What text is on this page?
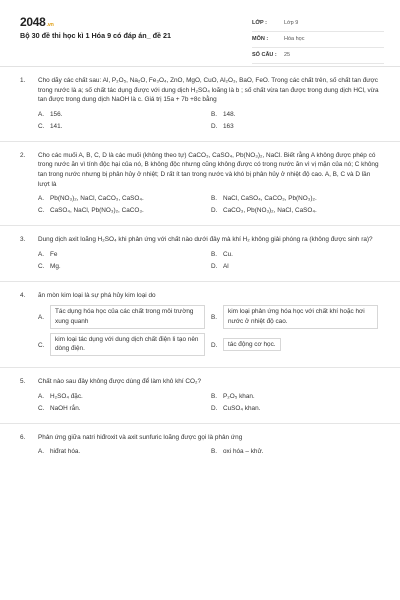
2048.vn
Bộ 30 đề thi học kì 1 Hóa 9 có đáp án_ đề 21
LỚP :	Lớp 9
MÔN :	Hóa học
SỐ CÂU :	25
1. Cho dãy các chất sau: Al, P₂O₅, Na₂O, Fe₃O₄, ZnO, MgO, CuO, Al₂O₃, BaO, FeO. Trong các chất trên, số chất tan được trong nước là a; số chất tác dụng được với dung dịch H₂SO₄ loãng là b ; số chất vừa tan được trong dung dịch HCl, vừa tan được trong dung dịch NaOH là c. Giá trị 15a + 7b +8c bằng
A. 156.	B. 148.
C. 141.	D. 163
2. Cho các muối A, B, C, D là các muối (không theo tự) CaCO₃, CaSO₄, Pb(NO₃)₂, NaCl. Biết rằng A không được phép có trong nước ăn vì tính độc hại của nó, B không độc nhưng cũng không được có trong nước ăn vì vị mặn của nó; C không tan trong nước nhưng bị phân hủy ở nhiệt; D rất ít tan trong nước và khó bị phân hủy ở nhiệt độ cao. A, B, C và D lần lượt là
A. Pb(NO₃)₂, NaCl, CaCO₃, CaSO₄.	B. NaCl, CaSO₄, CaCO₃, Pb(NO₃)₂.
C. CaSO₄, NaCl, Pb(NO₃)₂, CaCO₃.	D. CaCO₃, Pb(NO₃)₂, NaCl, CaSO₄.
3. Dung dịch axit loãng H₂SO₄ khi phản ứng với chất nào dưới đây mà khí H₂ không giải phóng ra (không được sinh ra)?
A. Fe	B. Cu.
C. Mg.	D. Al
4. ăn mòn kim loại là sự phá hủy kim loại do
A.
Tác dụng hóa học của các chất trong môi trường xung quanh
B.
kim loại phản ứng hóa học với chất khí hoặc hơi nước ở nhiệt độ cao.
C.
kim loại tác dụng với dung dịch chất điện li tạo nên dòng điện.
D.	tác động cơ học.
5. Chất nào sau đây không được dùng để làm khô khí CO₂?
A. H₂SO₄ đặc.	B. P₂O₅ khan.
C. NaOH rắn.	D. CuSO₄ khan.
6. Phản ứng giữa natri hiđroxit và axit sunfuric loãng được gọi là phản ứng
A. hiđrat hóa.	B. oxi hóa – khử.
